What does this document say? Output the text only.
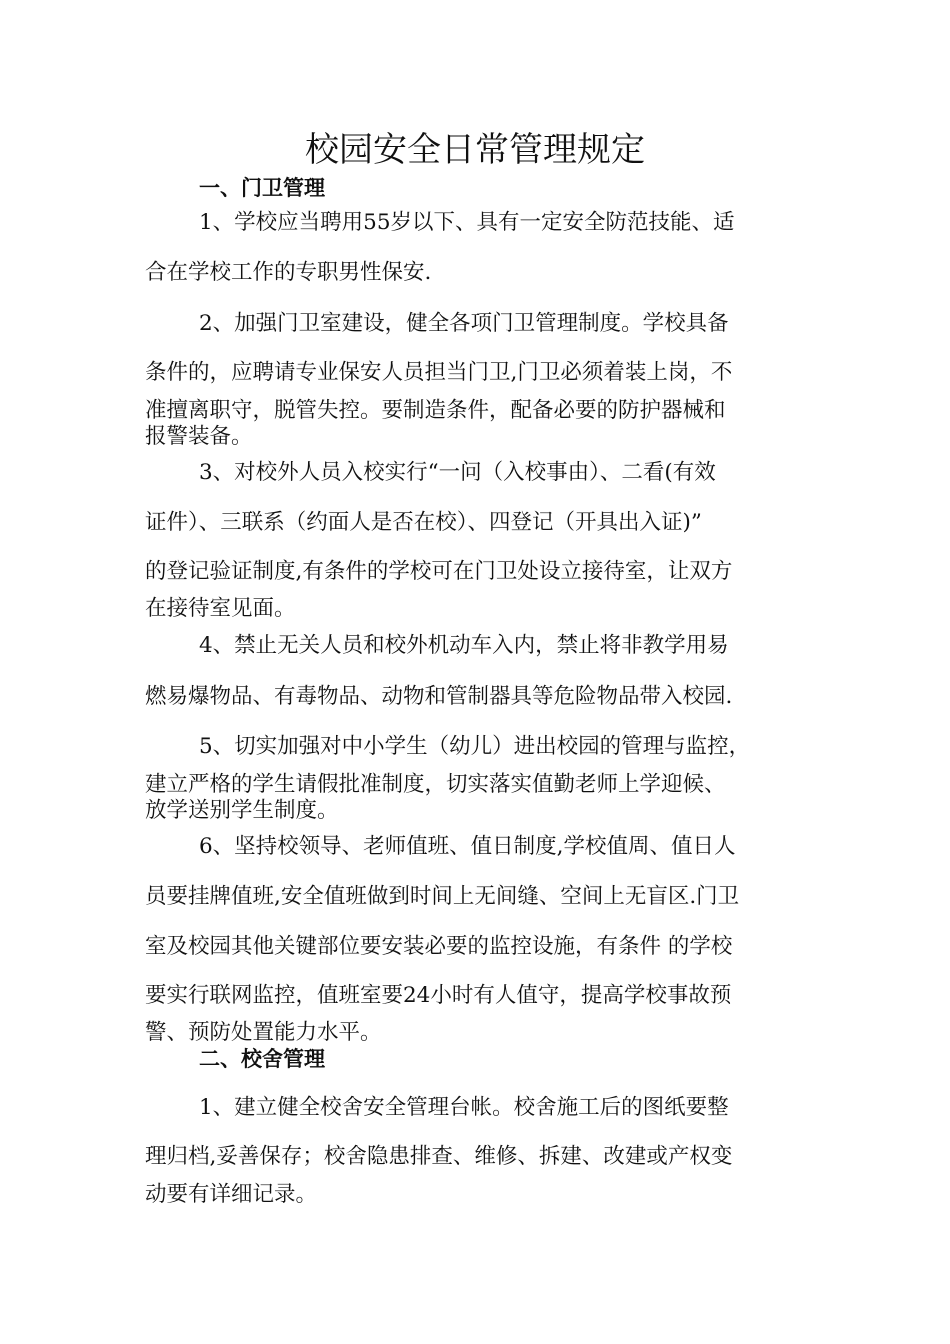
校园安全日常管理规定
一、门卫管理

1、学校应当聘用55岁以下、具有一定安全防范技能、适

合在学校工作的专职男性保安.

2、加强门卫室建设，健全各项门卫管理制度。学校具备

条件的，应聘请专业保安人员担当门卫,门卫必须着装上岗，不

准擅离职守，脱管失控。要制造条件，配备必要的防护器械和

报警装备。

3、对校外人员入校实行“一问（入校事由）、二看(有效

证件）、三联系（约面人是否在校）、四登记（开具出入证)”

的登记验证制度,有条件的学校可在门卫处设立接待室，让双方

在接待室见面。

4、禁止无关人员和校外机动车入内，禁止将非教学用易

燃易爆物品、有毒物品、动物和管制器具等危险物品带入校园.

5、切实加强对中小学生（幼儿）进出校园的管理与监控，

建立严格的学生请假批准制度，切实落实值勤老师上学迎候、

放学送别学生制度。

6、坚持校领导、老师值班、值日制度,学校值周、值日人

员要挂牌值班,安全值班做到时间上无间缝、空间上无盲区.门卫

室及校园其他关键部位要安装必要的监控设施，有条件 的学校

要实行联网监控，值班室要24小时有人值守，提高学校事故预

警、预防处置能力水平。

二、校舍管理

1、建立健全校舍安全管理台帐。校舍施工后的图纸要整

理归档,妥善保存；校舍隐患排查、维修、拆建、改建或产权变

动要有详细记录。
